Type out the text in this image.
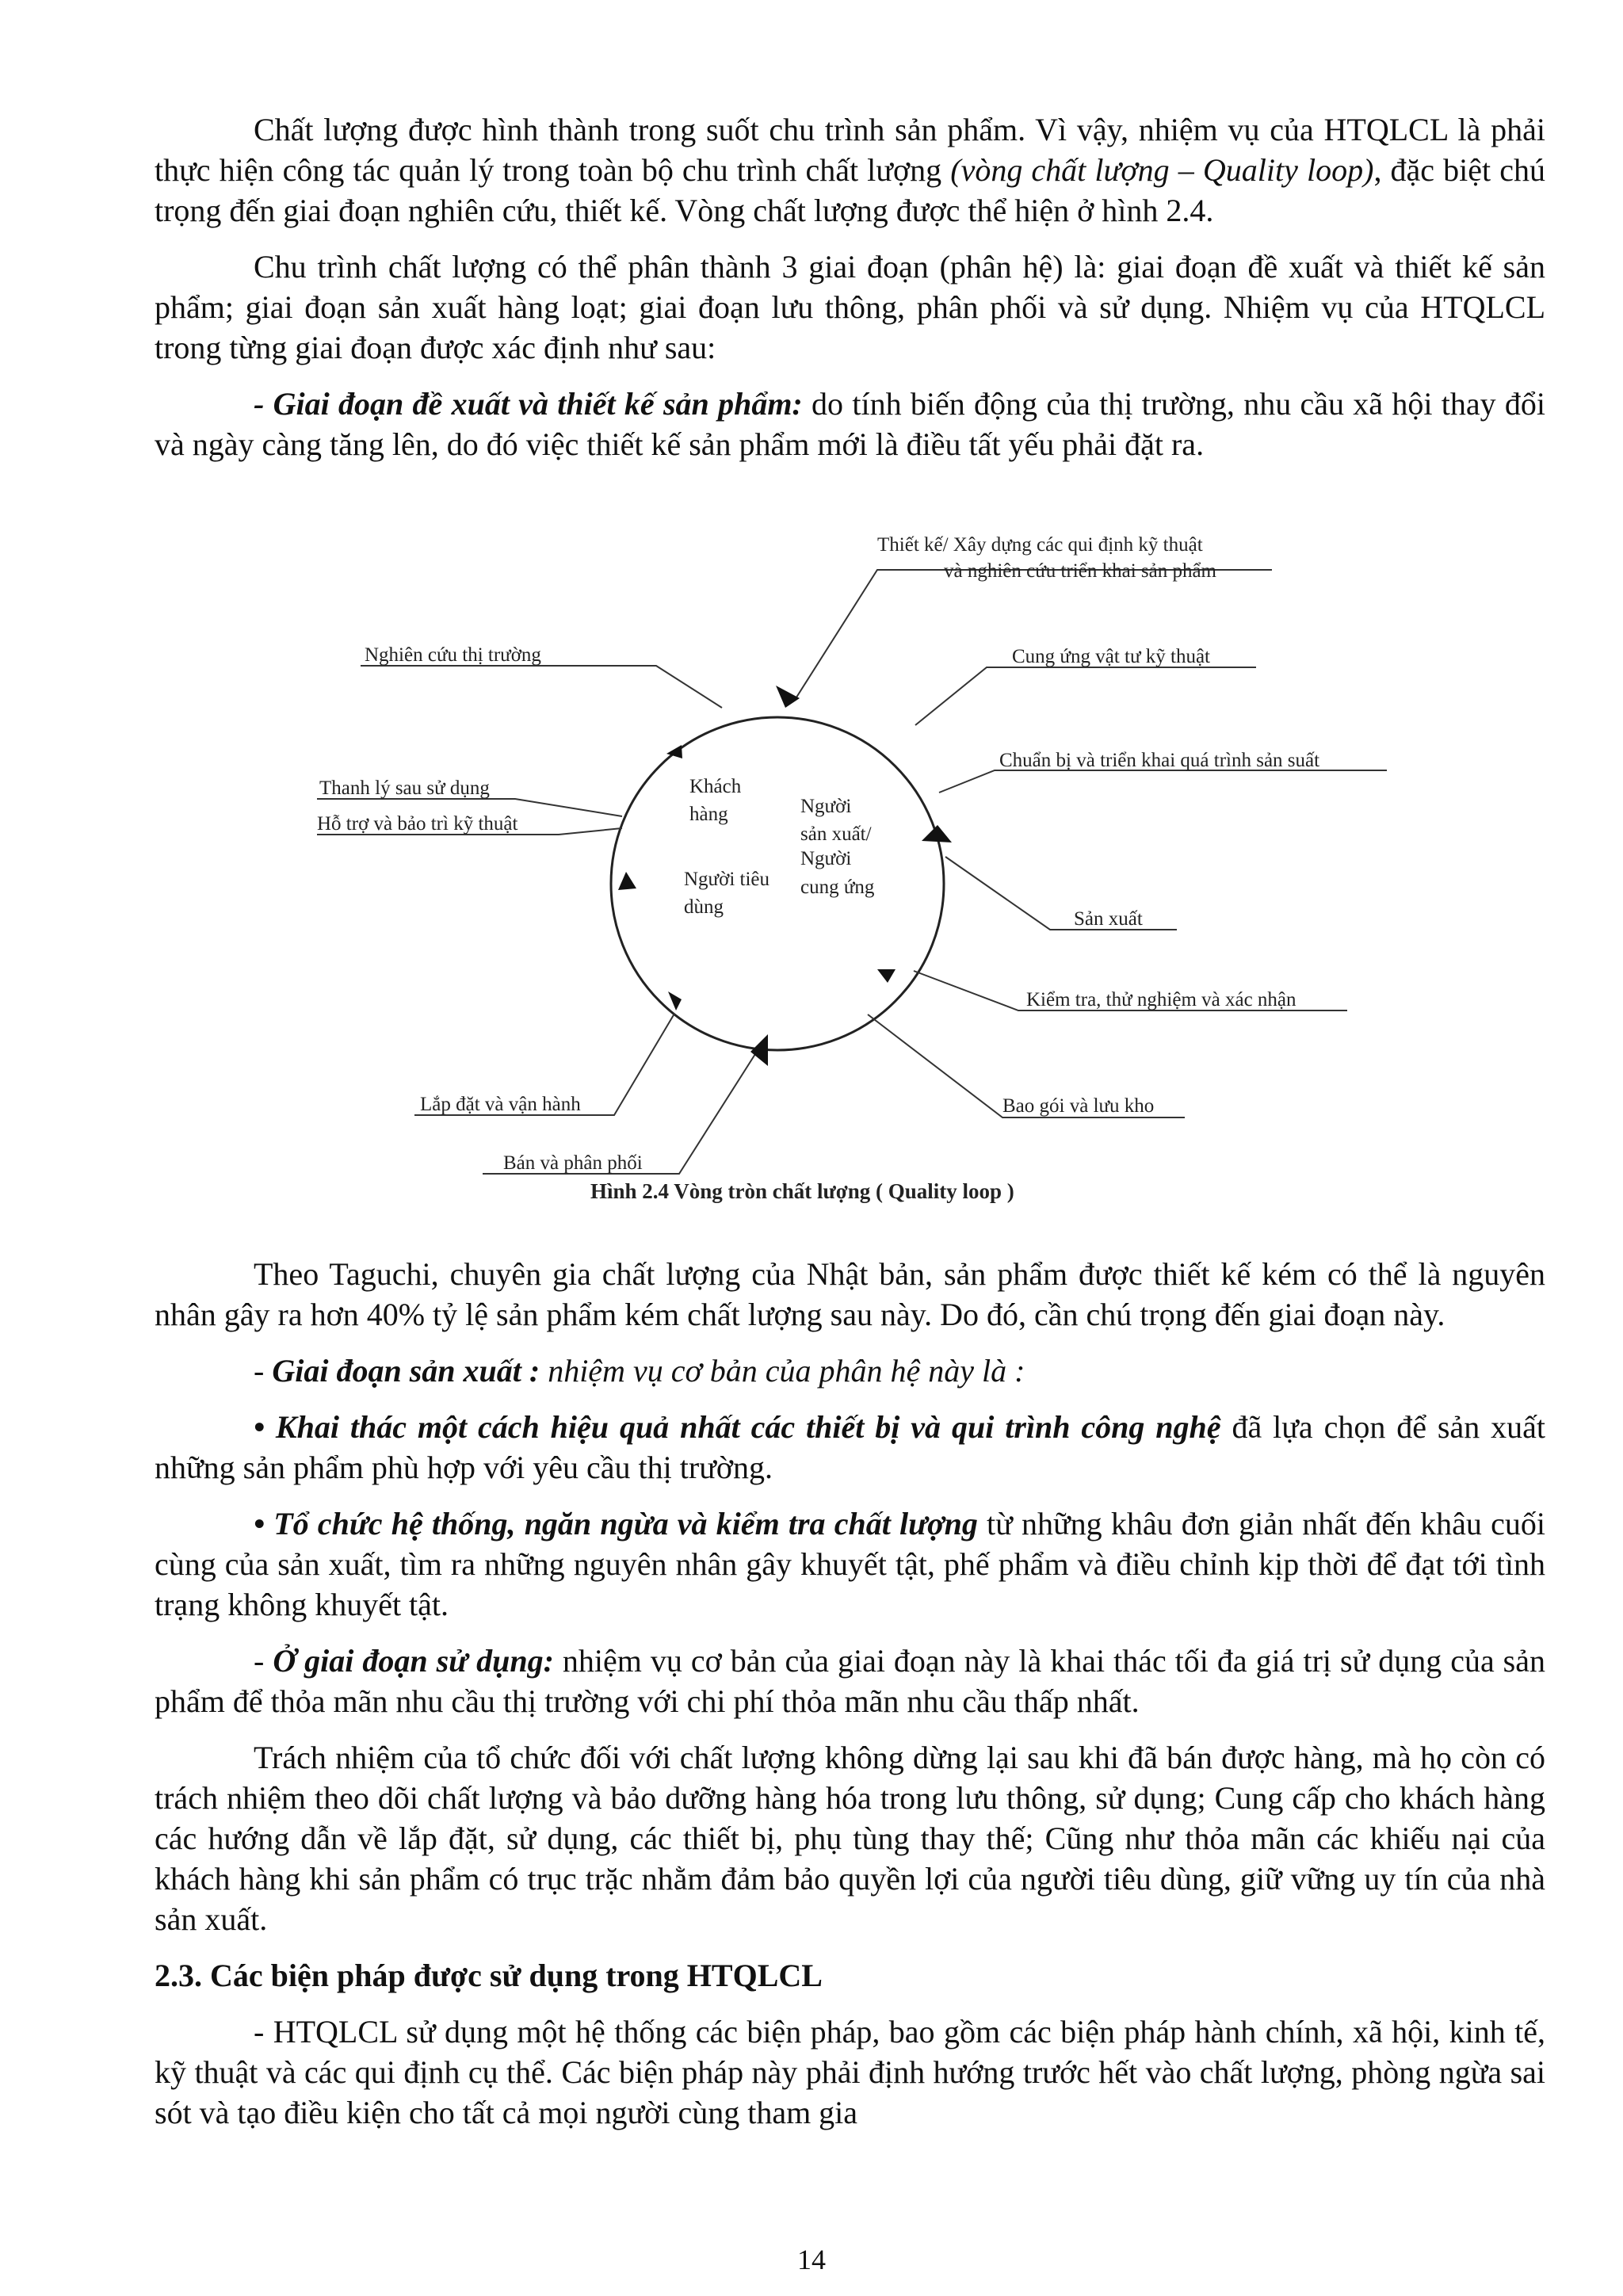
Chất lượng được hình thành trong suốt chu trình sản phẩm. Vì vậy, nhiệm vụ của HTQLCL là phải thực hiện công tác quản lý trong toàn bộ chu trình chất lượng (vòng chất lượng – Quality loop), đặc biệt chú trọng đến giai đoạn nghiên cứu, thiết kế. Vòng chất lượng được thể hiện ở hình 2.4.

Chu trình chất lượng có thể phân thành 3 giai đoạn (phân hệ) là: giai đoạn đề xuất và thiết kế sản phẩm; giai đoạn sản xuất hàng loạt; giai đoạn lưu thông, phân phối và sử dụng. Nhiệm vụ của HTQLCL trong từng giai đoạn được xác định như sau:

- Giai đoạn đề xuất và thiết kế sản phẩm: do tính biến động của thị trường, nhu cầu xã hội thay đổi và ngày càng tăng lên, do đó việc thiết kế sản phẩm mới là điều tất yếu phải đặt ra.

Khách
hàng
Người tiêu
dùng
Người
sản xuất/
Người
cung ứng
Thiết kế/ Xây dựng các qui định kỹ thuật
và nghiên cứu triển khai sản phẩm
Cung ứng vật tư kỹ thuật
Chuẩn bị và triển khai quá trình sản suất
Sản xuất
Kiểm tra, thử nghiệm và xác nhận
Bao gói và lưu kho
Bán và phân phối
Lắp đặt và vận hành
Hỗ trợ và bảo trì kỹ thuật
Thanh lý sau sử dụng
Nghiên cứu thị trường
Hình 2.4 Vòng tròn chất lượng ( Quality loop )

Theo Taguchi, chuyên gia chất lượng của Nhật bản, sản phẩm được thiết kế kém có thể là nguyên nhân gây ra hơn 40% tỷ lệ sản phẩm kém chất lượng sau này. Do đó, cần chú trọng đến giai đoạn này.

- Giai đoạn sản xuất : nhiệm vụ cơ bản của phân hệ này là :

• Khai thác một cách hiệu quả nhất các thiết bị và qui trình công nghệ đã lựa chọn để sản xuất những sản phẩm phù hợp với yêu cầu thị trường.

• Tổ chức hệ thống, ngăn ngừa và kiểm tra chất lượng từ những khâu đơn giản nhất đến khâu cuối cùng của sản xuất, tìm ra những nguyên nhân gây khuyết tật, phế phẩm và điều chỉnh kịp thời để đạt tới tình trạng không khuyết tật.

- Ở giai đoạn sử dụng: nhiệm vụ cơ bản của giai đoạn này là khai thác tối đa giá trị sử dụng của sản phẩm để thỏa mãn nhu cầu thị trường với chi phí thỏa mãn nhu cầu thấp nhất.

Trách nhiệm của tổ chức đối với chất lượng không dừng lại sau khi đã bán được hàng, mà họ còn có trách nhiệm theo dõi chất lượng và bảo dưỡng hàng hóa trong lưu thông, sử dụng; Cung cấp cho khách hàng các hướng dẫn về lắp đặt, sử dụng, các thiết bị, phụ tùng thay thế; Cũng như thỏa mãn các khiếu nại của khách hàng khi sản phẩm có trục trặc nhằm đảm bảo quyền lợi của người tiêu dùng, giữ vững uy tín của nhà sản xuất.

2.3. Các biện pháp được sử dụng trong HTQLCL

- HTQLCL sử dụng một hệ thống các biện pháp, bao gồm các biện pháp hành chính, xã hội, kinh tế, kỹ thuật và các qui định cụ thể. Các biện pháp này phải định hướng trước hết vào chất lượng, phòng ngừa sai sót và tạo điều kiện cho tất cả mọi người cùng tham gia

14
